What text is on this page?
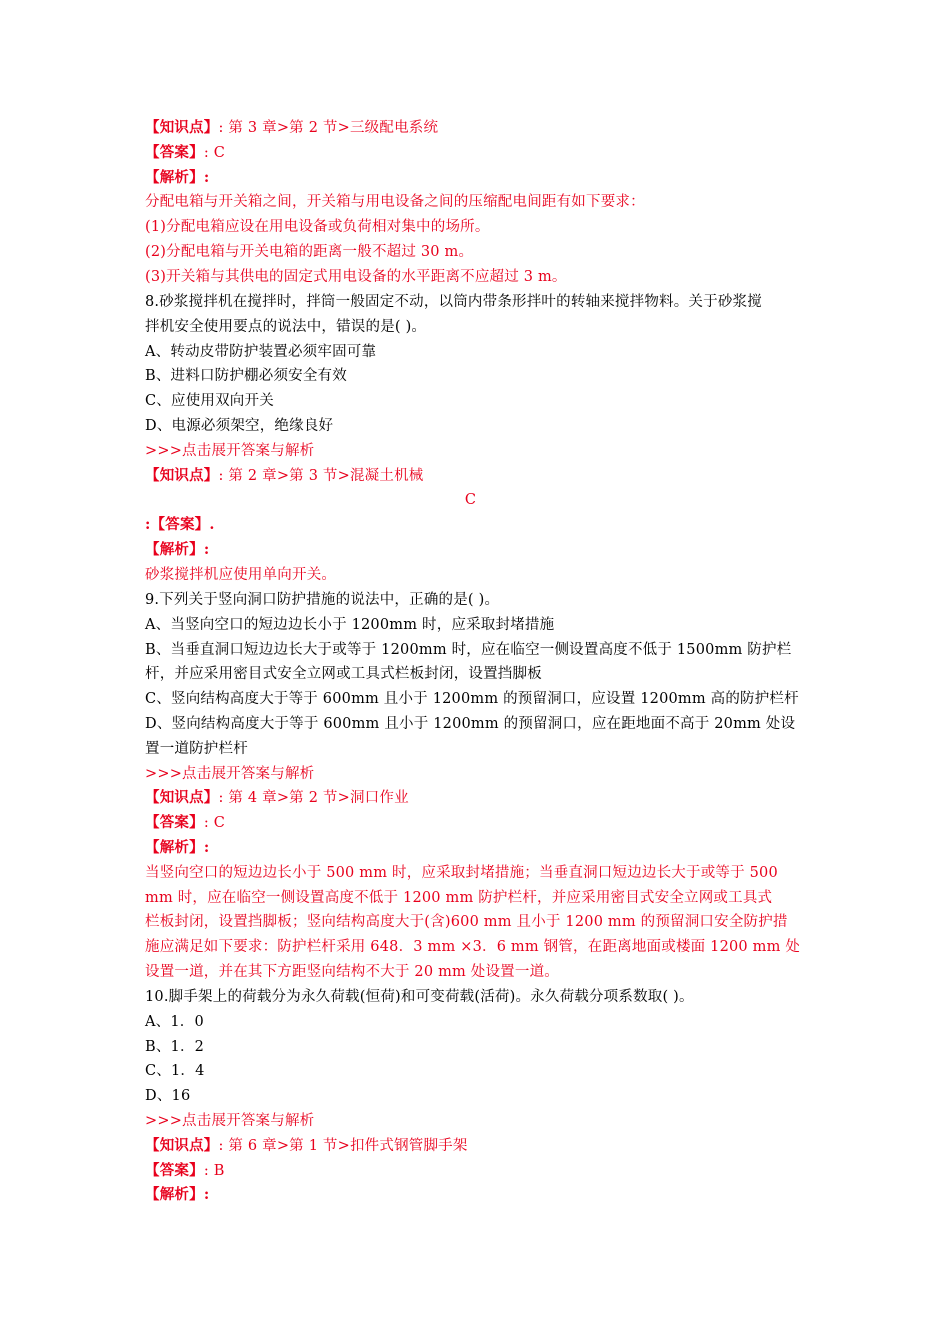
【知识点】: 第 3 章>第 2 节>三级配电系统
【答案】: C
【解析】:
分配电箱与开关箱之间，开关箱与用电设备之间的压缩配电间距有如下要求：
(1)分配电箱应设在用电设备或负荷相对集中的场所。
(2)分配电箱与开关电箱的距离一般不超过 30 m。
(3)开关箱与其供电的固定式用电设备的水平距离不应超过 3 m。
8.砂浆搅拌机在搅拌时，拌筒一般固定不动，以筒内带条形拌叶的转轴来搅拌物料。关于砂浆搅
拌机安全使用要点的说法中，错误的是( )。
A、转动皮带防护装置必须牢固可靠
B、进料口防护棚必须安全有效
C、应使用双向开关
D、电源必须架空，绝缘良好
>>>点击展开答案与解析
【知识点】: 第 2 章>第 3 节>混凝土机械
C
:【答案】.
【解析】:
砂浆搅拌机应使用单向开关。
9.下列关于竖向洞口防护措施的说法中，正确的是( )。
A、当竖向空口的短边边长小于 1200mm 时，应采取封堵措施
B、当垂直洞口短边边长大于或等于 1200mm 时，应在临空一侧设置高度不低于 1500mm 防护栏
杆，并应采用密目式安全立网或工具式栏板封闭，设置挡脚板
C、竖向结构高度大于等于 600mm 且小于 1200mm 的预留洞口，应设置 1200mm 高的防护栏杆
D、竖向结构高度大于等于 600mm 且小于 1200mm 的预留洞口，应在距地面不高于 20mm 处设
置一道防护栏杆
>>>点击展开答案与解析
【知识点】: 第 4 章>第 2 节>洞口作业
【答案】: C
【解析】:
当竖向空口的短边边长小于 500 mm 时，应采取封堵措施；当垂直洞口短边边长大于或等于 500
mm 时，应在临空一侧设置高度不低于 1200 mm 防护栏杆，并应采用密目式安全立网或工具式
栏板封闭，设置挡脚板；竖向结构高度大于(含)600 mm 且小于 1200 mm 的预留洞口安全防护措
施应满足如下要求：防护栏杆采用 648．3 mm ×3．6 mm 钢管，在距离地面或楼面 1200 mm 处
设置一道，并在其下方距竖向结构不大于 20 mm 处设置一道。
10.脚手架上的荷载分为永久荷载(恒荷)和可变荷载(活荷)。永久荷载分项系数取( )。
A、1．0
B、1．2
C、1．4
D、16
>>>点击展开答案与解析
【知识点】: 第 6 章>第 1 节>扣件式钢管脚手架
【答案】: B
【解析】:
